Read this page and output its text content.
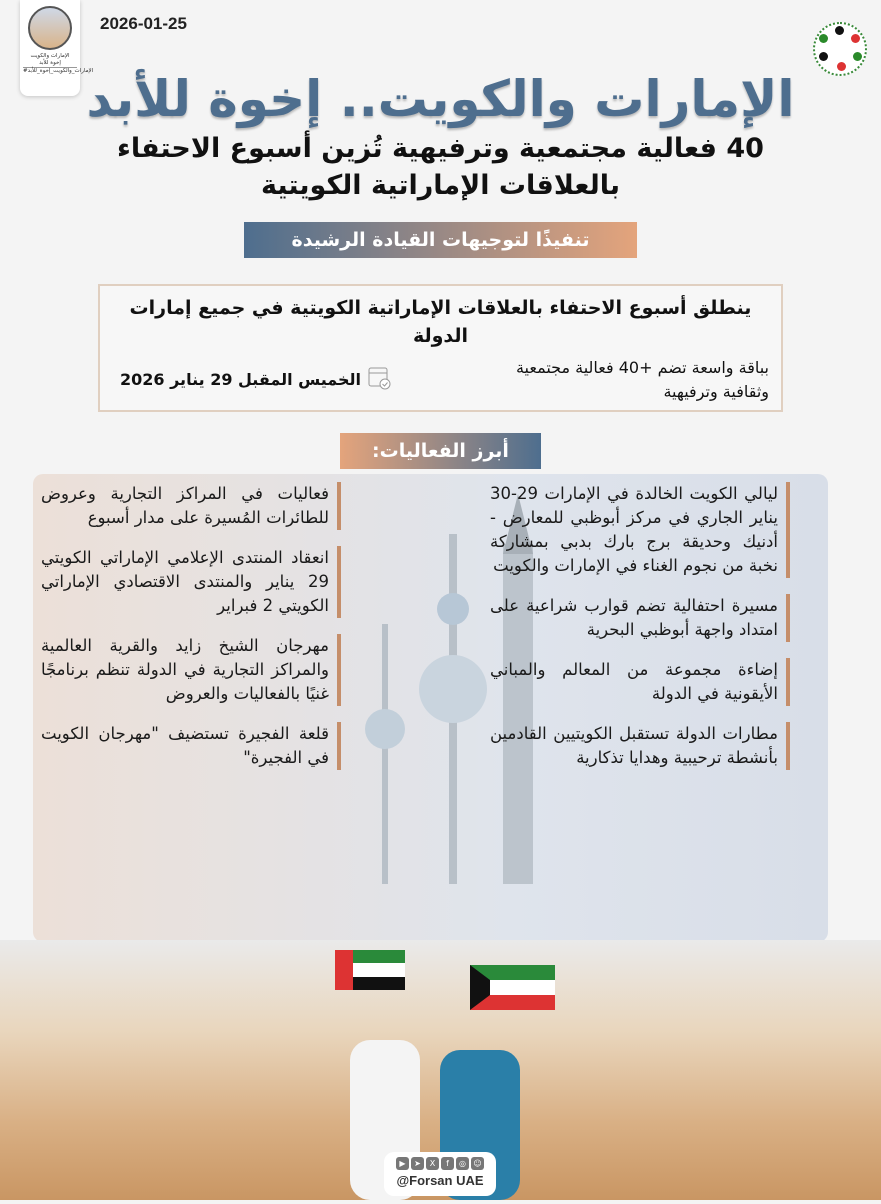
الإمارات والكويت
إخوة للأبد
#الإمارات_والكويت_إخوة_للأبد
2026-01-25
الإمارات والكويت.. إخوة للأبد
40 فعالية مجتمعية وترفيهية تُزين أسبوع الاحتفاء بالعلاقات الإماراتية الكويتية
تنفيذًا لتوجيهات القيادة الرشيدة
ينطلق أسبوع الاحتفاء بالعلاقات الإماراتية الكويتية في جميع إمارات الدولة
بباقة واسعة تضم +40 فعالية مجتمعية وثقافية وترفيهية
الخميس المقبل 29 يناير 2026
أبرز الفعاليات:
ليالي الكويت الخالدة في الإمارات 29-30 يناير الجاري في مركز أبوظبي للمعارض - أدنيك وحديقة برج بارك بدبي بمشاركة نخبة من نجوم الغناء في الإمارات والكويت
مسيرة احتفالية تضم قوارب شراعية على امتداد واجهة أبوظبي البحرية
إضاءة مجموعة من المعالم والمباني الأيقونية في الدولة
مطارات الدولة تستقبل الكويتيين القادمين بأنشطة ترحيبية وهدايا تذكارية
فعاليات في المراكز التجارية وعروض للطائرات المُسيرة على مدار أسبوع
انعقاد المنتدى الإعلامي الإماراتي الكويتي 29 يناير والمنتدى الاقتصادي الإماراتي الكويتي 2 فبراير
مهرجان الشيخ زايد والقرية العالمية والمراكز التجارية في الدولة تنظم برنامجًا غنيًا بالفعاليات والعروض
قلعة الفجيرة تستضيف "مهرجان الكويت في الفجيرة"
▶	➤	X	f	◎ ☺
@Forsan UAE
